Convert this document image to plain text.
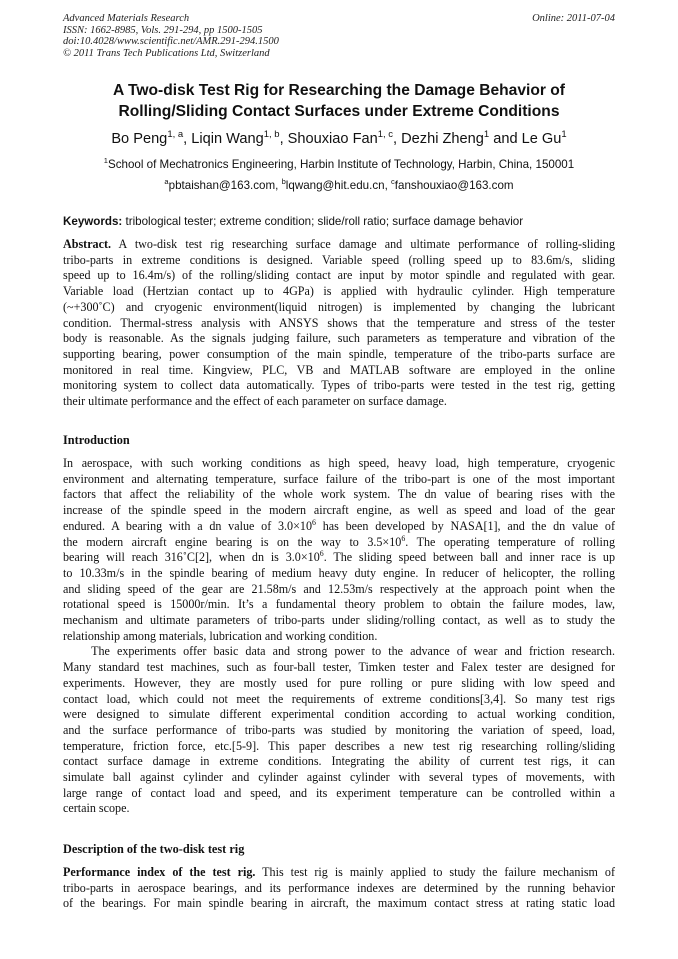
Advanced Materials Research
ISSN: 1662-8985, Vols. 291-294, pp 1500-1505
doi:10.4028/www.scientific.net/AMR.291-294.1500
© 2011 Trans Tech Publications Ltd, Switzerland
Online: 2011-07-04
A Two-disk Test Rig for Researching the Damage Behavior of
Rolling/Sliding Contact Surfaces under Extreme Conditions
Bo Peng$^{1, a}$, Liqin Wang$^{1, b}$, Shouxiao Fan$^{1, c}$, Dezhi Zheng$^1$ and Le Gu$^1$
$^1$School of Mechatronics Engineering, Harbin Institute of Technology, Harbin, China, 150001
$^a$pbtaishan@163.com, $^b$lqwang@hit.edu.cn, $^c$fanshouxiao@163.com
Keywords: tribological tester; extreme condition; slide/roll ratio; surface damage behavior
Abstract. A two-disk test rig researching surface damage and ultimate performance of rolling-sliding
tribo-parts in extreme conditions is designed. Variable speed (rolling speed up to 83.6m/s, sliding
speed up to 16.4m/s) of the rolling/sliding contact are input by motor spindle and regulated with gear.
Variable load (Hertzian contact up to 4GPa) is applied with hydraulic cylinder. High temperature
(~+300˚C) and cryogenic environment(liquid nitrogen) is implemented by changing the lubricant
condition. Thermal-stress analysis with ANSYS shows that the temperature and stress of the tester
body is reasonable. As the signals judging failure, such parameters as temperature and vibration of the
supporting bearing, power consumption of the main spindle, temperature of the tribo-parts surface are
monitored in real time. Kingview, PLC, VB and MATLAB software are employed in the online
monitoring system to collect data automatically. Types of tribo-parts were tested in the test rig, getting
their ultimate performance and the effect of each parameter on surface damage.
Introduction
In aerospace, with such working conditions as high speed, heavy load, high temperature, cryogenic
environment and alternating temperature, surface failure of the tribo-part is one of the most important
factors that affect the reliability of the whole work system. The dn value of bearing rises with the
increase of the spindle speed in the modern aircraft engine, as well as speed and load of the gear
endured. A bearing with a dn value of $3.0\times 10^6$ has been developed by NASA[1], and the dn value of
the modern aircraft engine bearing is on the way to $3.5\times 10^6$. The operating temperature of rolling
bearing will reach 316˚C[2], when dn is $3.0\times 10^6$. The sliding speed between ball and inner race is up
to 10.33m/s in the spindle bearing of medium heavy duty engine. In reducer of helicopter, the rolling
and sliding speed of the gear are 21.58m/s and 12.53m/s respectively at the approach point when the
rotational speed is 15000r/min. It’s a fundamental theory problem to obtain the failure modes, law,
mechanism and ultimate parameters of tribo-parts under sliding/rolling contact, as well as to study the
relationship among materials, lubrication and working condition.
The experiments offer basic data and strong power to the advance of wear and friction research.
Many standard test machines, such as four-ball tester, Timken tester and Falex tester are designed for
experiments. However, they are mostly used for pure rolling or pure sliding with low speed and
contact load, which could not meet the requirements of extreme conditions[3,4]. So many test rigs
were designed to simulate different experimental condition according to actual working condition,
and the surface performance of tribo-parts was studied by monitoring the variation of speed, load,
temperature, friction force, etc.[5-9]. This paper describes a new test rig researching rolling/sliding
contact surface damage in extreme conditions. Integrating the ability of current test rigs, it can
simulate ball against cylinder and cylinder against cylinder with several types of movements, with
large range of contact load and speed, and its experiment temperature can be controlled within a
certain scope.
Description of the two-disk test rig
Performance index of the test rig. This test rig is mainly applied to study the failure mechanism of
tribo-parts in aerospace bearings, and its performance indexes are determined by the running behavior
of the bearings. For main spindle bearing in aircraft, the maximum contact stress at rating static load
